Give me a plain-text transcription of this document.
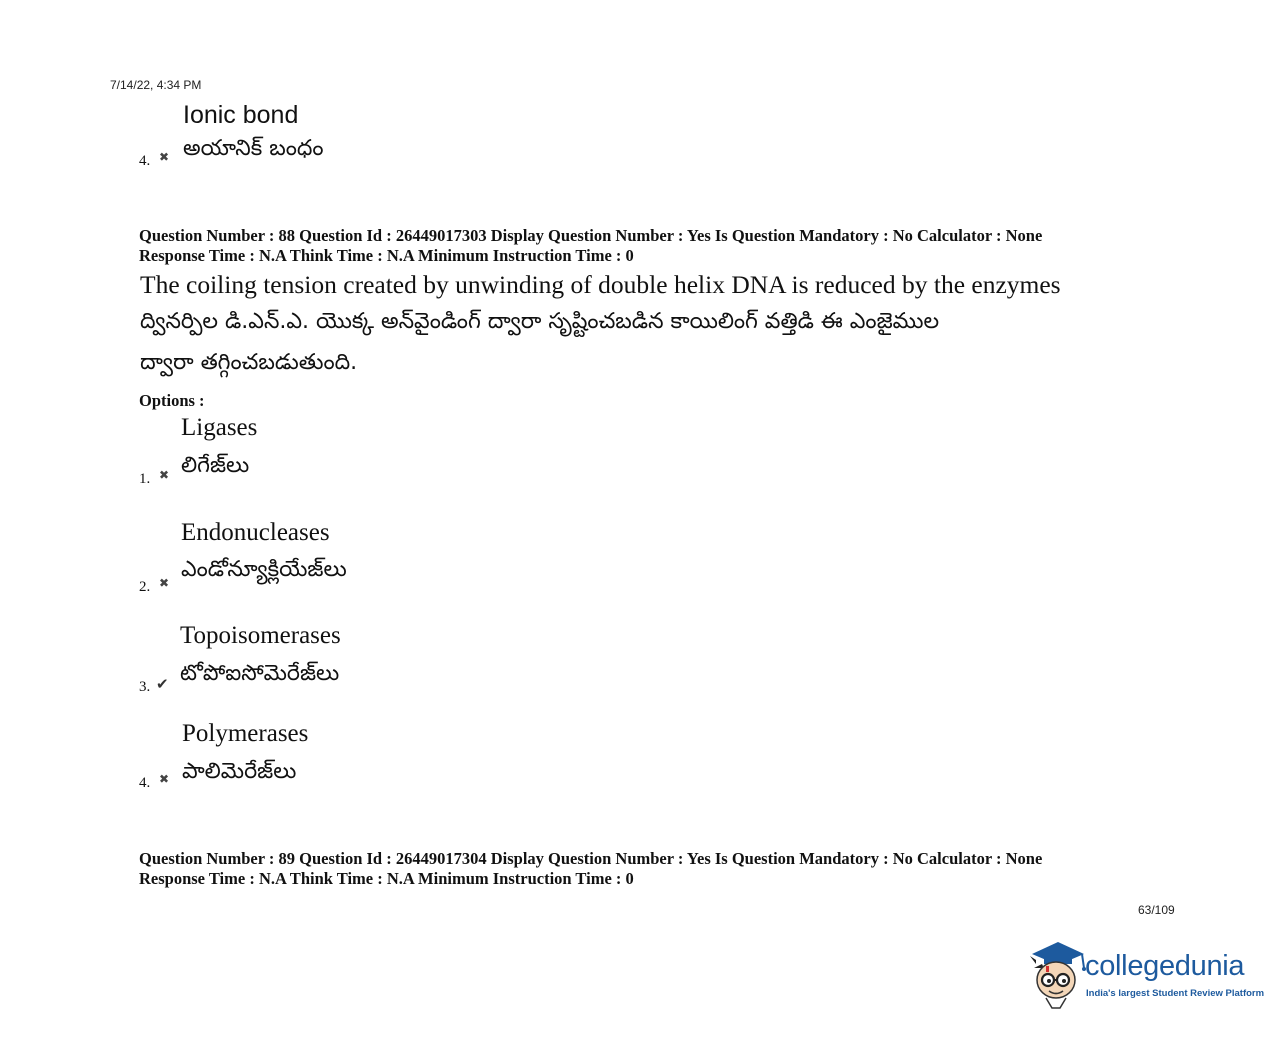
7/14/22, 4:34 PM
Ionic bond
అయానిక్ బంధం
4. ✖
Question Number : 88 Question Id : 26449017303 Display Question Number : Yes Is Question Mandatory : No Calculator : None
Response Time : N.A Think Time : N.A Minimum Instruction Time : 0
The coiling tension created by unwinding of double helix DNA is reduced by the enzymes
ద్వినర్పిల డి.ఎన్.ఎ. యొక్క అన్‌వైండింగ్ ద్వారా సృష్టించబడిన కాయిలింగ్ వత్తిడి ఈ ఎంజైముల
ద్వారా తగ్గించబడుతుంది.
Options :
Ligases
లిగేజ్‌లు
1. ✖
Endonucleases
ఎండోన్యూక్లియేజ్‌లు
2. ✖
Topoisomerases
టోపోఐసోమెరేజ్‌లు
3. ✔
Polymerases
పాలిమెరేజ్‌లు
4. ✖
Question Number : 89 Question Id : 26449017304 Display Question Number : Yes Is Question Mandatory : No Calculator : None
Response Time : N.A Think Time : N.A Minimum Instruction Time : 0
63/109
collegedunia
India's largest Student Review Platform
